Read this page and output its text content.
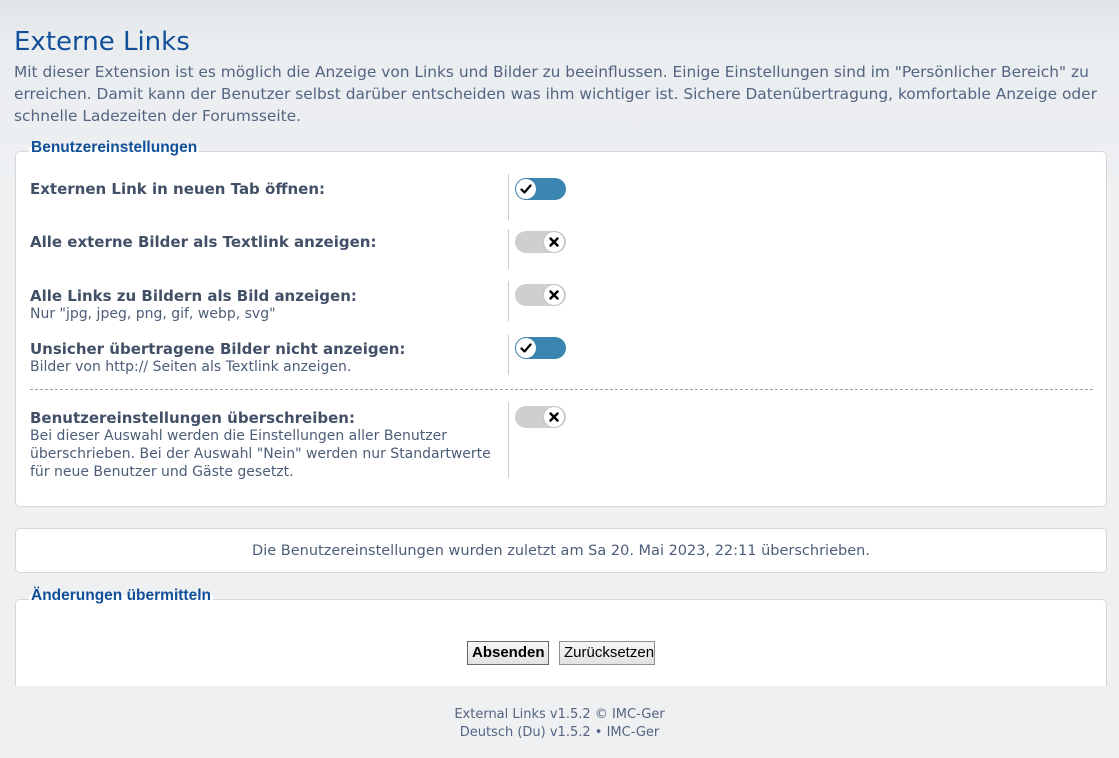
Externe Links

Mit dieser Extension ist es möglich die Anzeige von Links und Bilder zu beeinflussen. Einige Einstellungen sind im "Persönlicher Bereich" zu erreichen. Damit kann der Benutzer selbst darüber entscheiden was ihm wichtiger ist. Sichere Datenübertragung, komfortable Anzeige oder schnelle Ladezeiten der Forumsseite.

Benutzereinstellungen
Externen Link in neuen Tab öffnen:
Alle externe Bilder als Textlink anzeigen:
Alle Links zu Bildern als Bild anzeigen:
Nur "jpg, jpeg, png, gif, webp, svg"
Unsicher übertragene Bilder nicht anzeigen:
Bilder von http:// Seiten als Textlink anzeigen.
Benutzereinstellungen überschreiben:
Bei dieser Auswahl werden die Einstellungen aller Benutzer überschrieben. Bei der Auswahl "Nein" werden nur Standartwerte für neue Benutzer und Gäste gesetzt.
Die Benutzereinstellungen wurden zuletzt am Sa 20. Mai 2023, 22:11 überschrieben.
Änderungen übermitteln
Absenden	Zurücksetzen
External Links v1.5.2 © IMC-Ger
Deutsch (Du) v1.5.2 • IMC-Ger
